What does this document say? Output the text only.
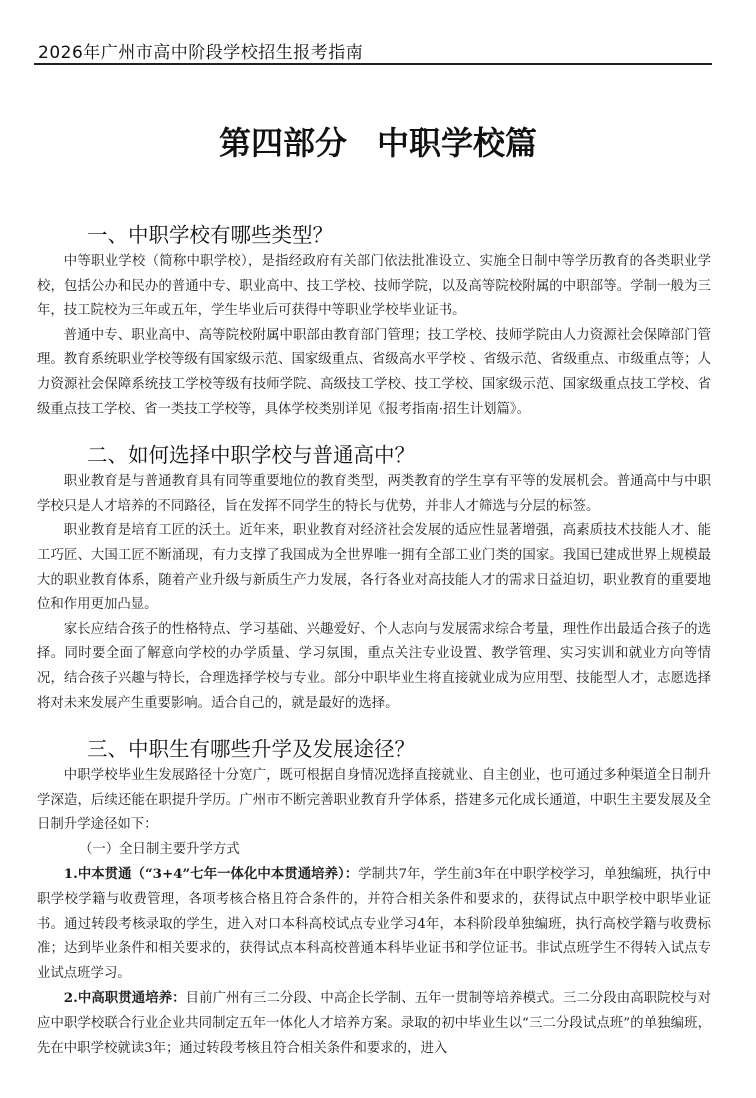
2026年广州市高中阶段学校招生报考指南
第四部分 中职学校篇
一、中职学校有哪些类型？

中等职业学校（简称中职学校），是指经政府有关部门依法批准设立、实施全日制中等学历教育的各类职业学校，包括公办和民办的普通中专、职业高中、技工学校、技师学院，以及高等院校附属的中职部等。学制一般为三年，技工院校为三年或五年，学生毕业后可获得中等职业学校毕业证书。

普通中专、职业高中、高等院校附属中职部由教育部门管理；技工学校、技师学院由人力资源社会保障部门管理。教育系统职业学校等级有国家级示范、国家级重点、省级高水平学校 、省级示范、省级重点、市级重点等；人力资源社会保障系统技工学校等级有技师学院、高级技工学校、技工学校、国家级示范、国家级重点技工学校、省级重点技工学校、省一类技工学校等，具体学校类别详见《报考指南·招生计划篇》。

二、如何选择中职学校与普通高中？

职业教育是与普通教育具有同等重要地位的教育类型，两类教育的学生享有平等的发展机会。普通高中与中职学校只是人才培养的不同路径，旨在发挥不同学生的特长与优势，并非人才筛选与分层的标签。

职业教育是培育工匠的沃土。近年来，职业教育对经济社会发展的适应性显著增强，高素质技术技能人才、能工巧匠、大国工匠不断涌现，有力支撑了我国成为全世界唯一拥有全部工业门类的国家。我国已建成世界上规模最大的职业教育体系，随着产业升级与新质生产力发展，各行各业对高技能人才的需求日益迫切，职业教育的重要地位和作用更加凸显。

家长应结合孩子的性格特点、学习基础、兴趣爱好、个人志向与发展需求综合考量，理性作出最适合孩子的选择。同时要全面了解意向学校的办学质量、学习氛围，重点关注专业设置、教学管理、实习实训和就业方向等情况，结合孩子兴趣与特长，合理选择学校与专业。部分中职毕业生将直接就业成为应用型、技能型人才，志愿选择将对未来发展产生重要影响。适合自己的，就是最好的选择。

三、中职生有哪些升学及发展途径？

中职学校毕业生发展路径十分宽广，既可根据自身情况选择直接就业、自主创业，也可通过多种渠道全日制升学深造，后续还能在职提升学历。广州市不断完善职业教育升学体系，搭建多元化成长通道，中职生主要发展及全日制升学途径如下：

（一）全日制主要升学方式

1.中本贯通（“3+4”七年一体化中本贯通培养）：学制共7年，学生前3年在中职学校学习，单独编班，执行中职学校学籍与收费管理，各项考核合格且符合条件的，并符合相关条件和要求的，获得试点中职学校中职毕业证书。通过转段考核录取的学生，进入对口本科高校试点专业学习4年，本科阶段单独编班，执行高校学籍与收费标准；达到毕业条件和相关要求的，获得试点本科高校普通本科毕业证书和学位证书。非试点班学生不得转入试点专业试点班学习。

2.中高职贯通培养：目前广州有三二分段、中高企长学制、五年一贯制等培养模式。三二分段由高职院校与对应中职学校联合行业企业共同制定五年一体化人才培养方案。录取的初中毕业生以“三二分段试点班”的单独编班，先在中职学校就读3年；通过转段考核且符合相关条件和要求的，进入
